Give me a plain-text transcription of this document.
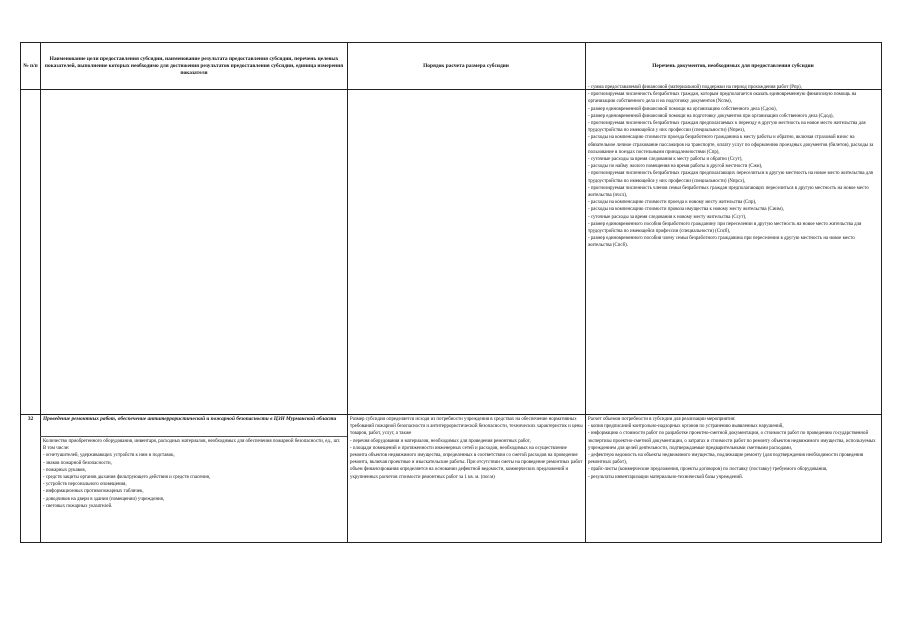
№ п/п
Наименование цели предоставления субсидии, наименование результата предоставления субсидии, перечень целевых показателей, выполнение которых необходимо для достижения результатов предоставления субсидии, единица измерения показателя
Порядок расчета размера субсидии	Перечень документов, необходимых для предоставления субсидии
- сумма предоставляемой финансовой (материальной) поддержки на период прохождения работ (Рпр),
- прогнозируемая численность безработных граждан, которым предполагается оказать единовременную финансовую помощь на организацию собственного дела и на подготовку документов (Ncпм),
- размер единовременной финансовой помощи на организацию собственного дела (Сдсю),
- размер единовременной финансовой помощи на подготовку документов при организации собственного дела (Сдод),
- прогнозируемая численность безработных граждан предполагаемых к переезду в другую местность на новое место жительства для трудоустройства по имеющейся у них профессии (специальности) (Nпрез),
- расходы на компенсацию стоимости проезда безработного гражданина к месту работы и обратно, включая страховой взнос на обязательное личное страхование пассажиров на транспорте, оплату услуг по оформлению проездных документов (билетов), расходы за пользование в поездах постельными принадлежностями (Cпр),
- суточные расходы за время следования к месту работы и обратно (Сcут),
- расходы по найму жилого помещения на время работы в другой местности (Сжн),
- прогнозируемая численность безработных граждан предполагающих переселиться в другую местность на новое место жительства для трудоустройства по имеющейся у них профессии (специальности) (Nпрсх),
- прогнозируемая численность членов семьи безработных граждан предполагающих переселиться в другую местность на новое место жительства (пчсл),
- расходы на компенсацию стоимости проезда к новому месту жительства (Спр),
- расходы на компенсацию стоимости провоза имущества к новому месту жительства (Сиим),
- суточные расходы за время следования к новому месту жительства (Ссут),
- размер единовременного пособия безработного гражданину при переселении в другую местность на новое место жительства для трудоустройства по имеющейся профессии (специальности) (Спсб),
- размер единовременного пособия члену семьи безработного гражданина при переселении в другую местность на новое место жительства (Спсб).
32	Проведение ремонтных работ, обеспечение антитеррористической и пожарной безопасности в ЦЗН Мурманской области
Количество приобретенного оборудования, инвентаря, расходных материалов, необходимых для обеспечения пожарной безопасности, ед., шт. В том числе:
- огнетушителей, удерживающих устройств к ним и подставок,
- знаков пожарной безопасности,
- пожарных рукавов,
- средств защиты органов дыхания фильтрующего действия и средств спасения,
- устройств персонального оповещения,
- информационных противопожарных табличек,
- доводчиков на двери в здании (помещении) учреждения,
- световых пожарных указателей.
Размер субсидии определяется исходя из потребности учреждения в средствах на обеспечение нормативных требований пожарной безопасности и антитеррористической безопасности, технических характеристик и цены товаров, работ, услуг, а также
- перечня оборудования и материалов, необходимых для проведения ремонтных работ,
- площади помещений и протяженности инженерных сетей и расходов, необходимых на осуществление ремонта объектов недвижимого имущества, определенных в соответствии со сметой расходов на проведение ремонта, включая проектные и изыскательские работы. При отсутствии сметы на проведение ремонтных работ объем финансирования определяется на основании дефектной ведомости, коммерческих предложений и укрупненных расчетов стоимости ремонтных работ за 1 кв. м. (пог.м)
Расчет объемов потребности в субсидии для реализации мероприятия:
- копия предписаний контрольно-надзорных органов по устранению выявленных нарушений,
- информацию о стоимости работ по разработке проектно-сметной документации, о стоимости работ по проведению государственной экспертизы проектно-сметной документации, о затратах и стоимости работ по ремонту объектов недвижимого имущества, используемых учреждением для целей деятельности, подтверждаемые предварительными сметными расходами,
- дефектную ведомость на объекты недвижимого имущества, подлежащие ремонту (для подтверждения необходимости проведения ремонтных работ),
- прайс-листы (коммерческие предложения, проекты договоров) по поставку (поставку) требуемого оборудования,
- результаты инвентаризации материально-технической базы учреждений.
